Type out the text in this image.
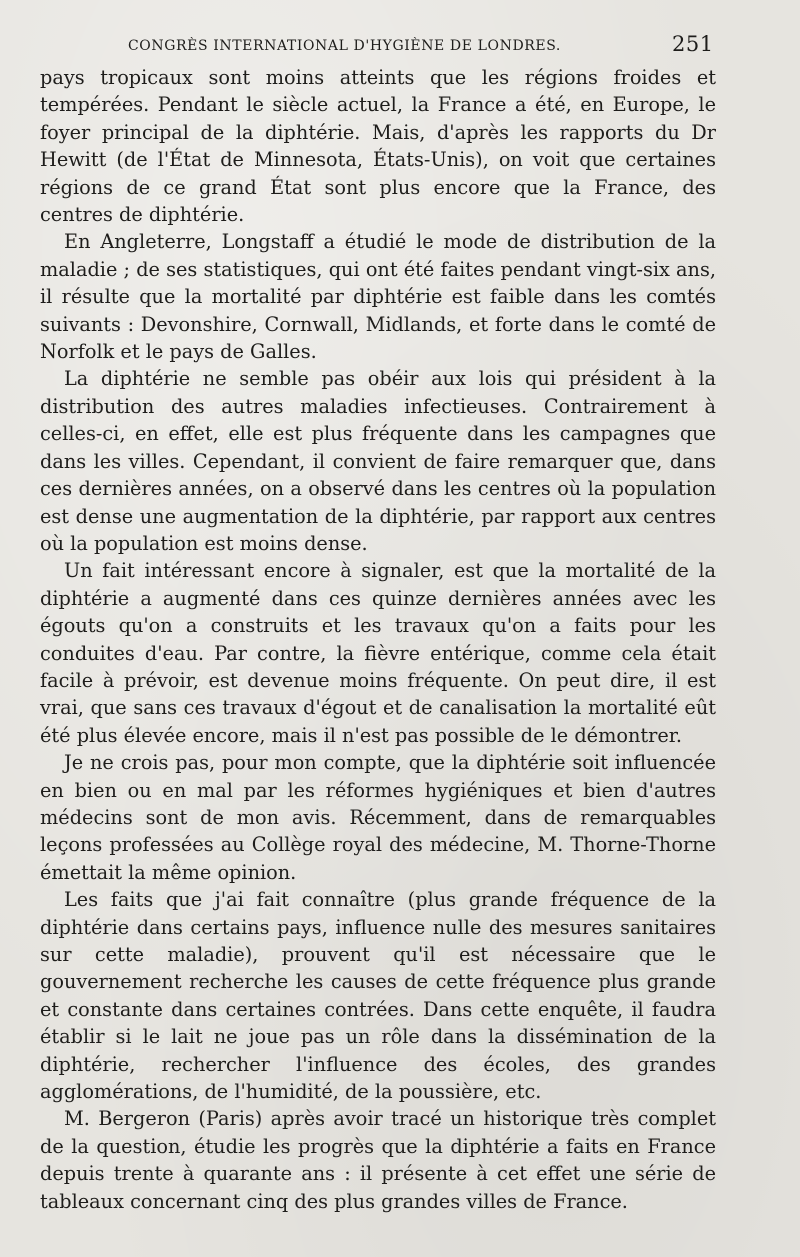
CONGRÈS INTERNATIONAL D'HYGIÈNE DE LONDRES.	251

pays tropicaux sont moins atteints que les régions froides et tempérées. Pendant le siècle actuel, la France a été, en Europe, le foyer principal de la diphtérie. Mais, d'après les rapports du Dr Hewitt (de l'État de Minnesota, États-Unis), on voit que certaines régions de ce grand État sont plus encore que la France, des centres de diphtérie.

En Angleterre, Longstaff a étudié le mode de distribution de la maladie ; de ses statistiques, qui ont été faites pendant vingt-six ans, il résulte que la mortalité par diphtérie est faible dans les comtés suivants : Devonshire, Cornwall, Midlands, et forte dans le comté de Norfolk et le pays de Galles.

La diphtérie ne semble pas obéir aux lois qui président à la distribution des autres maladies infectieuses. Contrairement à celles-ci, en effet, elle est plus fréquente dans les campagnes que dans les villes. Cependant, il convient de faire remarquer que, dans ces dernières années, on a observé dans les centres où la population est dense une augmentation de la diphtérie, par rapport aux centres où la population est moins dense.

Un fait intéressant encore à signaler, est que la mortalité de la diphtérie a augmenté dans ces quinze dernières années avec les égouts qu'on a construits et les travaux qu'on a faits pour les conduites d'eau. Par contre, la fièvre entérique, comme cela était facile à prévoir, est devenue moins fréquente. On peut dire, il est vrai, que sans ces travaux d'égout et de canalisation la mortalité eût été plus élevée encore, mais il n'est pas possible de le démontrer.

Je ne crois pas, pour mon compte, que la diphtérie soit influencée en bien ou en mal par les réformes hygiéniques et bien d'autres médecins sont de mon avis. Récemment, dans de remarquables leçons professées au Collège royal des médecine, M. Thorne-Thorne émettait la même opinion.

Les faits que j'ai fait connaître (plus grande fréquence de la diphtérie dans certains pays, influence nulle des mesures sanitaires sur cette maladie), prouvent qu'il est nécessaire que le gouvernement recherche les causes de cette fréquence plus grande et constante dans certaines contrées. Dans cette enquête, il faudra établir si le lait ne joue pas un rôle dans la dissémination de la diphtérie, rechercher l'influence des écoles, des grandes agglomérations, de l'humidité, de la poussière, etc.

M. Bergeron (Paris) après avoir tracé un historique très complet de la question, étudie les progrès que la diphtérie a faits en France depuis trente à quarante ans : il présente à cet effet une série de tableaux concernant cinq des plus grandes villes de France.
